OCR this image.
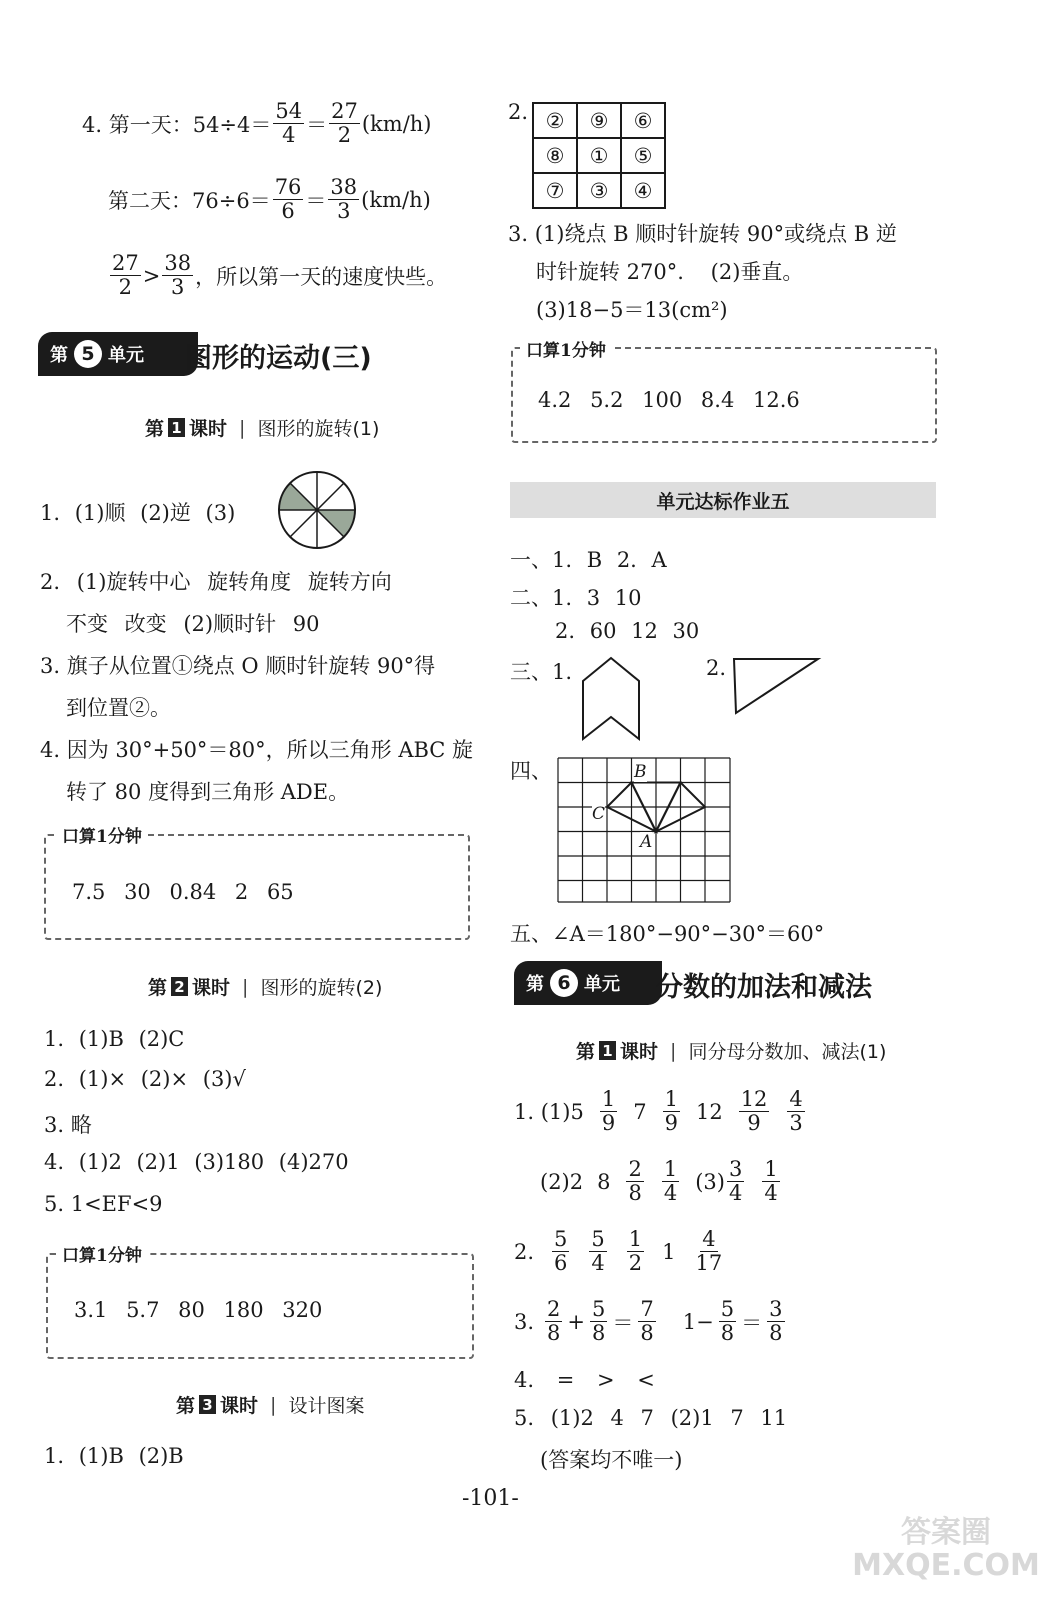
4. 第一天：$54\div 4= \frac{54}{4} = \frac{27}{2} (km/h)$
第二天：$76\div 6= \frac{76}{6} = \frac{38}{3} (km/h)$
$\frac{27}{2} > \frac{38}{3}$ ，所以第一天的速度快些。
第 5 单元 图形的运动(三)
第 1 课时 | 图形的旋转(1)
1. (1)顺 (2)逆 (3)
2. (1)旋转中心 旋转角度 旋转方向
不变 改变 (2)顺时针 90
3. 旗子从位置①绕点 O 顺时针旋转 90°得
到位置②。
4. 因为 30°+50°＝80°，所以三角形 ABC 旋
转了 80 度得到三角形 ADE。
口算1分钟
7.5 30 0.84 2 65
第 2 课时 | 图形的旋转(2)
1. (1)B (2)C
2. (1)× (2)× (3)√
3. 略
4. (1)2 (2)1 (3)180 (4)270
5. 1<EF<9
口算1分钟
3.1 5.7 80 180 320
第 3 课时 | 设计图案
1. (1)B (2)B
2. ②	⑨	⑥
⑧	①	⑤
⑦	③	④
3. (1)绕点 B 顺时针旋转 90°或绕点 B 逆
时针旋转 270°.    (2)垂直。
(3)18−5＝13(cm²)
口算1分钟
4.2 5.2 100 8.4 12.6
单元达标作业五
一、1. B 2. A
二、1. 3 10
2. 60 12 30
三、1.	2.
四、	B
C
A
五、∠A＝180°−90°−30°＝60°
第 6 单元 分数的加法和减法
第 1 课时 | 同分母分数加、减法(1)
1. $(1)5 \frac{1}{9} 7 \frac{1}{9} 12 \frac{12}{9} \frac{4}{3}$
(2)2 $8 \frac{2}{8} \frac{1}{4} (3) \frac{3}{4} \frac{1}{4}$
2. $\frac{5}{6} \frac{5}{4} \frac{1}{2} 1 \frac{4}{17}$
3. $\frac{2}{8} + \frac{5}{8} = \frac{7}{8} 1- \frac{5}{8} = \frac{3}{8}$
4. = > <
5. (1)2 4 7 (2)1 7 11
(答案均不唯一)
-101-
答案圈 MXQE.COM
